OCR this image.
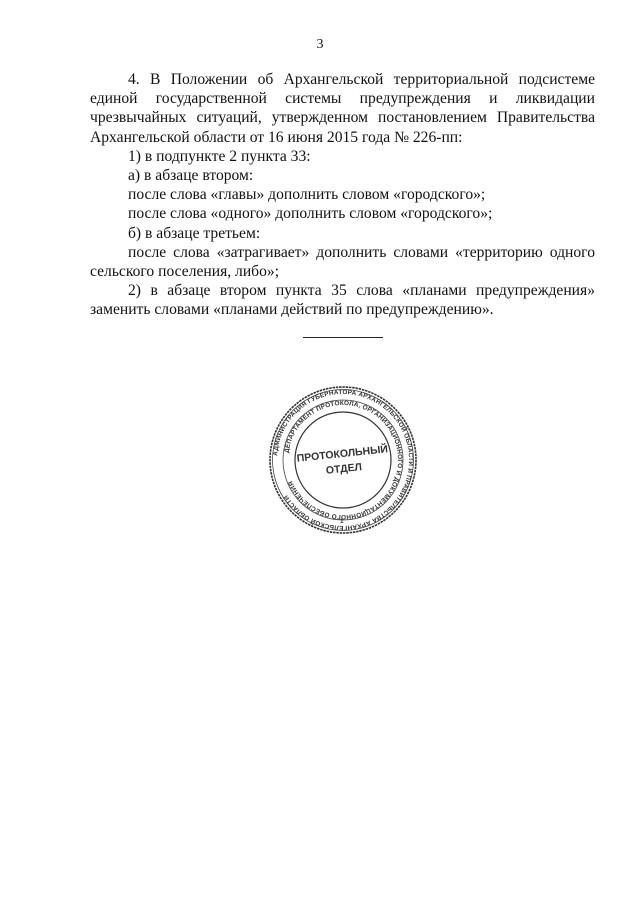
3

4. В Положении об Архангельской территориальной подсистеме единой государственной системы предупреждения и ликвидации чрезвычайных ситуаций, утвержденном постановлением Правительства Архангельской области от 16 июня 2015 года № 226-пп:

1) в подпункте 2 пункта 33:

а) в абзаце втором:

после слова «главы» дополнить словом «городского»;

после слова «одного» дополнить словом «городского»;

б) в абзаце третьем:

после слова «затрагивает» дополнить словами «территорию одного сельского поселения, либо»;

2) в абзаце втором пункта 35 слова «планами предупреждения» заменить словами «планами действий по предупреждению».

АДМИНИСТРАЦИЯ ГУБЕРНАТОРА АРХАНГЕЛЬСКОЙ ОБЛАСТИ И ПРАВИТЕЛЬСТВА АРХАНГЕЛЬСКОЙ ОБЛАСТИ
ДЕПАРТАМЕНТ ПРОТОКОЛА, ОРГАНИЗАЦИОННОГО И ДОКУМЕНТАЦИОННОГО ОБЕСПЕЧЕНИЯ
1
ПРОТОКОЛЬНЫЙ
ОТДЕЛ
